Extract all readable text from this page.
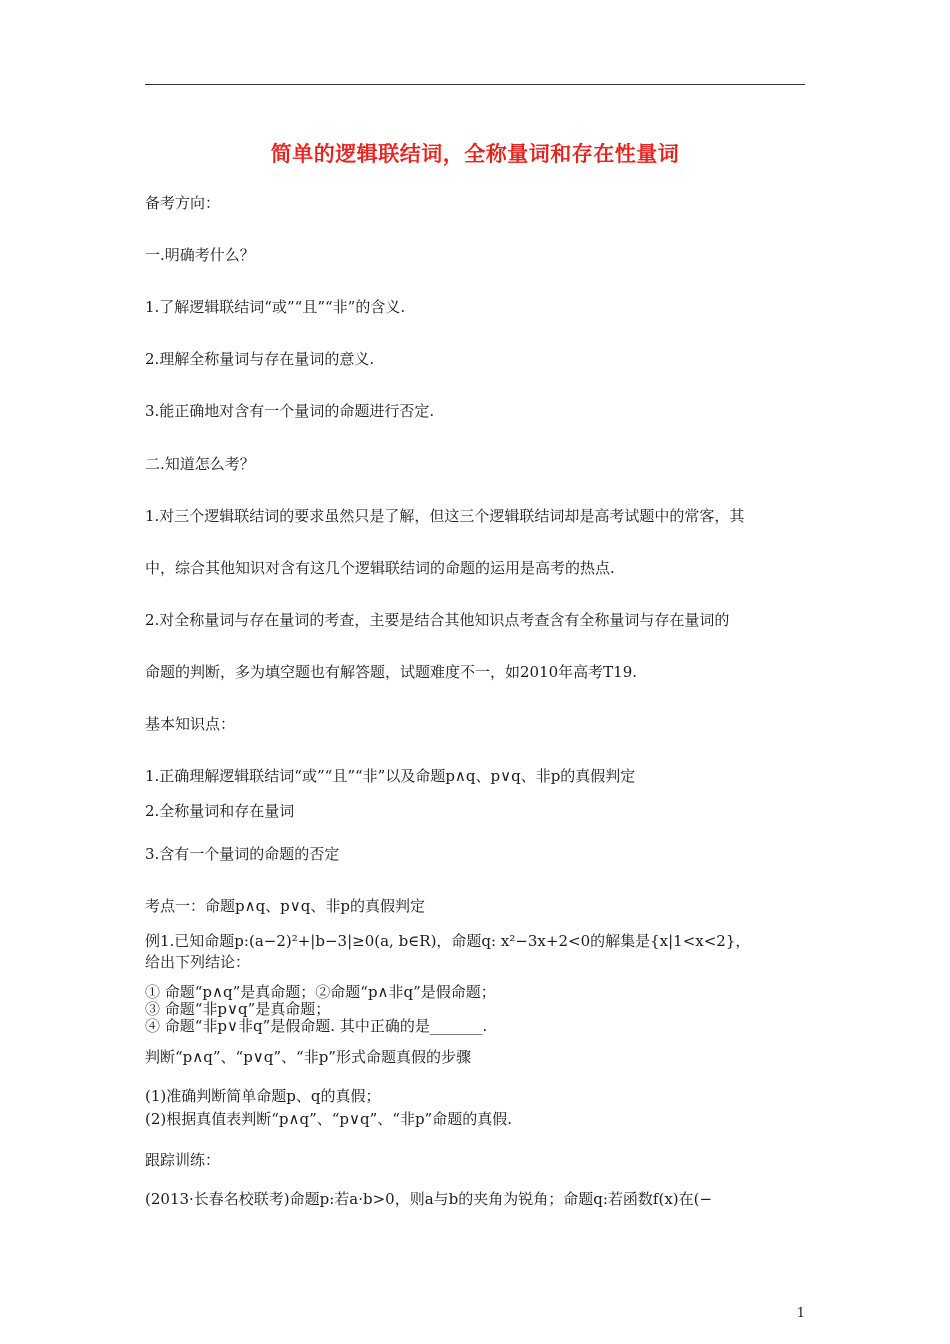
简单的逻辑联结词，全称量词和存在性量词
备考方向：
一.明确考什么？
1.了解逻辑联结词“或”“且”“非”的含义.
2.理解全称量词与存在量词的意义.
3.能正确地对含有一个量词的命题进行否定.
二.知道怎么考？
1.对三个逻辑联结词的要求虽然只是了解，但这三个逻辑联结词却是高考试题中的常客，其
中，综合其他知识对含有这几个逻辑联结词的命题的运用是高考的热点.
2.对全称量词与存在量词的考查，主要是结合其他知识点考查含有全称量词与存在量词的
命题的判断，多为填空题也有解答题，试题难度不一，如2010年高考T19.
基本知识点：
1.正确理解逻辑联结词“或”“且”“非”以及命题p∧q、p∨q、非p的真假判定
2.全称量词和存在量词
3.含有一个量词的命题的否定
考点一：命题p∧q、p∨q、非p的真假判定
例1.已知命题p:(a−2)²+|b−3|≥0(a, b∈R)，命题q: x²−3x+2<0的解集是{x|1<x<2}，
给出下列结论：
① 命题“p∧q”是真命题；②命题“p∧非q”是假命题；
③ 命题“非p∨q”是真命题；
④ 命题“非p∨非q”是假命题. 其中正确的是_______.
判断“p∧q”、“p∨q”、“非p”形式命题真假的步骤
(1)准确判断简单命题p、q的真假；
(2)根据真值表判断“p∧q”、“p∨q”、“非p”命题的真假.
跟踪训练：
(2013·长春名校联考)命题p:若a·b>0，则a与b的夹角为锐角；命题q:若函数f(x)在(−
1
